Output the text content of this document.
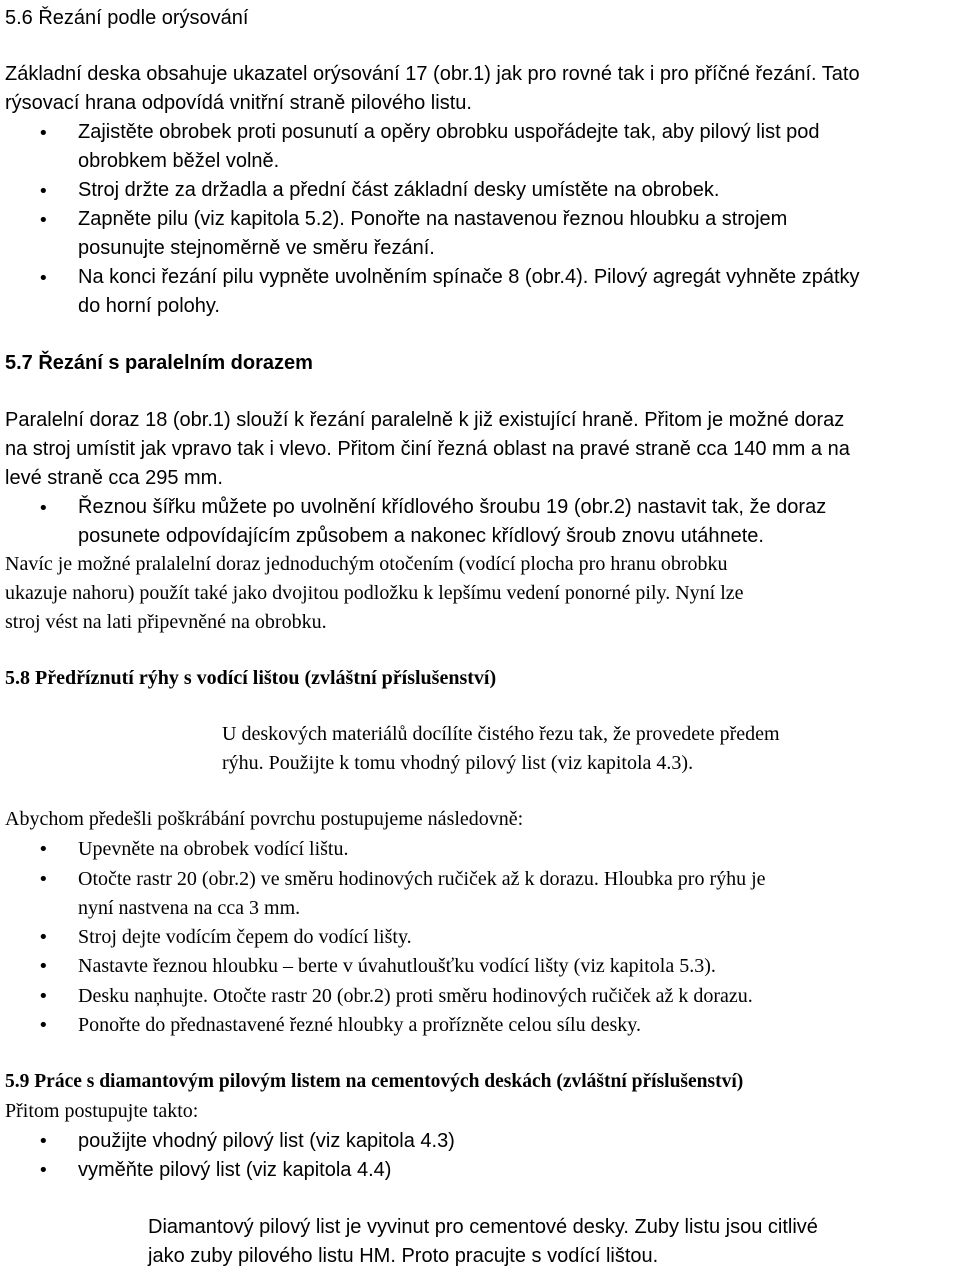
5.6 Řezání podle orýsování
Základní deska obsahuje ukazatel orýsování 17 (obr.1) jak pro rovné tak i pro příčné řezání. Tato
rýsovací hrana odpovídá vnitřní straně pilového listu.
• Zajistěte obrobek proti posunutí a opěry obrobku uspořádejte tak, aby pilový list pod
obrobkem běžel volně.
• Stroj držte za držadla a přední část základní desky umístěte na obrobek.
• Zapněte pilu (viz kapitola 5.2). Ponořte na nastavenou řeznou hloubku a strojem
posunujte stejnoměrně ve směru řezání.
• Na konci řezání pilu vypněte uvolněním spínače 8 (obr.4). Pilový agregát vyhněte zpátky
do horní polohy.
5.7 Řezání s paralelním dorazem
Paralelní doraz 18 (obr.1) slouží k řezání paralelně k již existující hraně. Přitom je možné doraz
na stroj umístit jak vpravo tak i vlevo. Přitom činí řezná oblast na pravé straně cca 140 mm a na
levé straně cca 295 mm.
• Řeznou šířku můžete po uvolnění křídlového šroubu 19 (obr.2) nastavit tak, že doraz
posunete odpovídajícím způsobem a nakonec křídlový šroub znovu utáhnete.
Navíc je možné pralalelní doraz jednoduchým otočením (vodící plocha pro hranu obrobku
ukazuje nahoru) použít také jako dvojitou podložku k lepšímu vedení ponorné pily. Nyní lze
stroj vést na lati připevněné na obrobku.
5.8 Předříznutí rýhy s vodící lištou (zvláštní příslušenství)
U deskových materiálů docílíte čistého řezu tak, že provedete předem
rýhu. Použijte k tomu vhodný pilový list (viz kapitola 4.3).
Abychom předešli poškrábání povrchu postupujeme následovně:
• Upevněte na obrobek vodící lištu.
• Otočte rastr 20 (obr.2) ve směru hodinových ručiček až k dorazu. Hloubka pro rýhu je
nyní nastvena na cca 3 mm.
• Stroj dejte vodícím čepem do vodící lišty.
• Nastavte řeznou hloubku – berte v úvahutloušťku vodící lišty (viz kapitola 5.3).
• Desku naņhujte. Otočte rastr 20 (obr.2) proti směru hodinových ručiček až k dorazu.
• Ponořte do přednastavené řezné hloubky a prořízněte celou sílu desky.
5.9 Práce s diamantovým pilovým listem na cementových deskách (zvláštní příslušenství)
Přitom postupujte takto:
• použijte vhodný pilový list (viz kapitola 4.3)
• vyměňte pilový list (viz kapitola 4.4)
Diamantový pilový list je vyvinut pro cementové desky. Zuby listu jsou citlivé
jako zuby pilového listu HM. Proto pracujte s vodící lištou.
